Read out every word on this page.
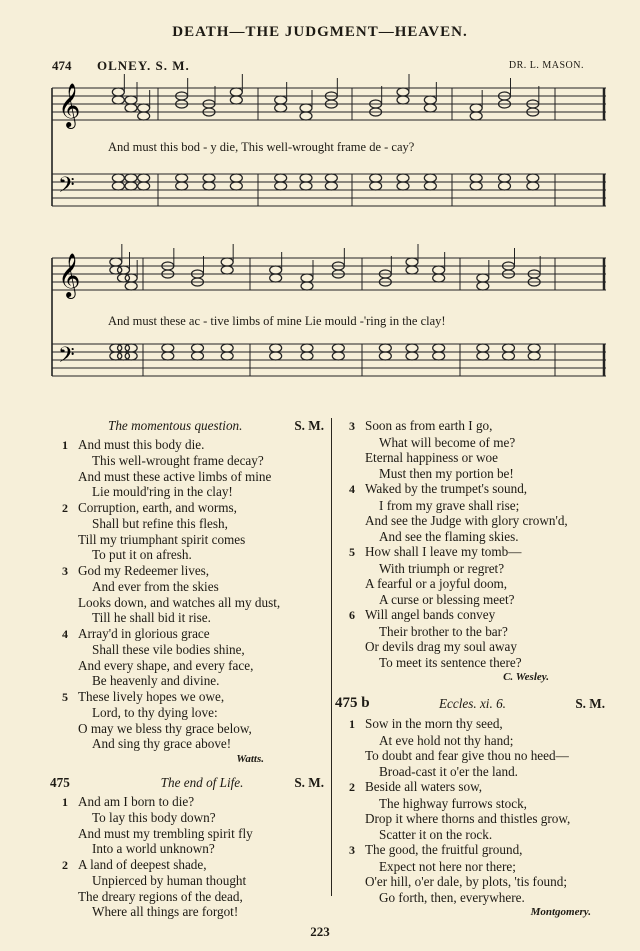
DEATH—THE JUDGMENT—HEAVEN.
474 OLNEY. S. M.	DR. L. MASON.
𝄞
𝄢
𝄞
𝄢
And must this bod - y die, This well-wrought frame de - cay?
And must these ac - tive limbs of mine Lie mould -'ring in the clay!
The momentous question.	S. M.
1 And must this body die.
This well-wrought frame decay?
And must these active limbs of mine
Lie mould'ring in the clay!
2 Corruption, earth, and worms,
Shall but refine this flesh,
Till my triumphant spirit comes
To put it on afresh.
3 God my Redeemer lives,
And ever from the skies
Looks down, and watches all my dust,
Till he shall bid it rise.
4 Array'd in glorious grace
Shall these vile bodies shine,
And every shape, and every face,
Be heavenly and divine.
5 These lively hopes we owe,
Lord, to thy dying love:
O may we bless thy grace below,
And sing thy grace above!
Watts.
475	The end of Life.	S. M.
1 And am I born to die?
To lay this body down?
And must my trembling spirit fly
Into a world unknown?
2 A land of deepest shade,
Unpierced by human thought
The dreary regions of the dead,
Where all things are forgot!
3 Soon as from earth I go,
What will become of me?
Eternal happiness or woe
Must then my portion be!
4 Waked by the trumpet's sound,
I from my grave shall rise;
And see the Judge with glory crown'd,
And see the flaming skies.
5 How shall I leave my tomb—
With triumph or regret?
A fearful or a joyful doom,
A curse or blessing meet?
6 Will angel bands convey
Their brother to the bar?
Or devils drag my soul away
To meet its sentence there?
C. Wesley.
475 b	Eccles. xi. 6.	S. M.
1 Sow in the morn thy seed,
At eve hold not thy hand;
To doubt and fear give thou no heed—
Broad-cast it o'er the land.
2 Beside all waters sow,
The highway furrows stock,
Drop it where thorns and thistles grow,
Scatter it on the rock.
3 The good, the fruitful ground,
Expect not here nor there;
O'er hill, o'er dale, by plots, 'tis found;
Go forth, then, everywhere.
Montgomery.
223
